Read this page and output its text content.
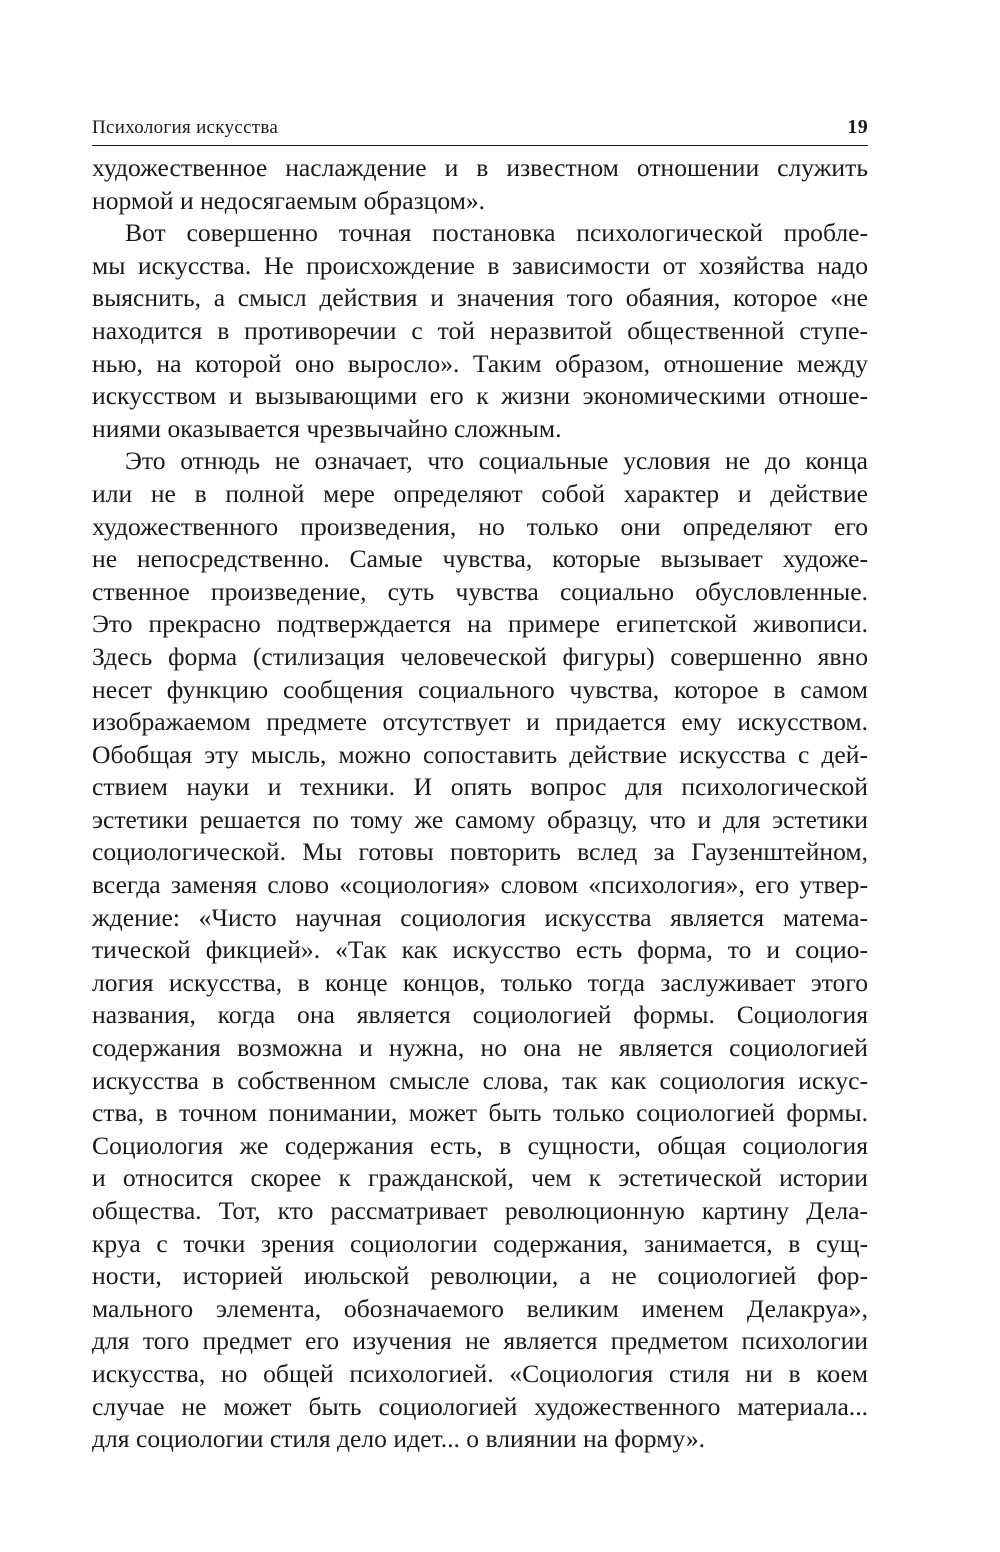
Психология искусства	19
художественное наслаждение и в известном отношении служить
нормой и недосягаемым образцом».
Вот совершенно точная постановка психологической пробле-
мы искусства. Не происхождение в зависимости от хозяйства надо
выяснить, а смысл действия и значения того обаяния, которое «не
находится в противоречии с той неразвитой общественной ступе-
нью, на которой оно выросло». Таким образом, отношение между
искусством и вызывающими его к жизни экономическими отноше-
ниями оказывается чрезвычайно сложным.
Это отнюдь не означает, что социальные условия не до конца
или не в полной мере определяют собой характер и действие
художественного произведения, но только они определяют его
не непосредственно. Самые чувства, которые вызывает художе-
ственное произведение, суть чувства социально обусловленные.
Это прекрасно подтверждается на примере египетской живописи.
Здесь форма (стилизация человеческой фигуры) совершенно явно
несет функцию сообщения социального чувства, которое в самом
изображаемом предмете отсутствует и придается ему искусством.
Обобщая эту мысль, можно сопоставить действие искусства с дей-
ствием науки и техники. И опять вопрос для психологической
эстетики решается по тому же самому образцу, что и для эстетики
социологической. Мы готовы повторить вслед за Гаузенштейном,
всегда заменяя слово «социология» словом «психология», его утвер-
ждение: «Чисто научная социология искусства является матема-
тической фикцией». «Так как искусство есть форма, то и социо-
логия искусства, в конце концов, только тогда заслуживает этого
названия, когда она является социологией формы. Социология
содержания возможна и нужна, но она не является социологией
искусства в собственном смысле слова, так как социология искус-
ства, в точном понимании, может быть только социологией формы.
Социология же содержания есть, в сущности, общая социология
и относится скорее к гражданской, чем к эстетической истории
общества. Тот, кто рассматривает революционную картину Дела-
круа с точки зрения социологии содержания, занимается, в сущ-
ности, историей июльской революции, а не социологией фор-
мального элемента, обозначаемого великим именем Делакруа»,
для того предмет его изучения не является предметом психологии
искусства, но общей психологией. «Социология стиля ни в коем
случае не может быть социологией художественного материала...
для социологии стиля дело идет... о влиянии на форму».
